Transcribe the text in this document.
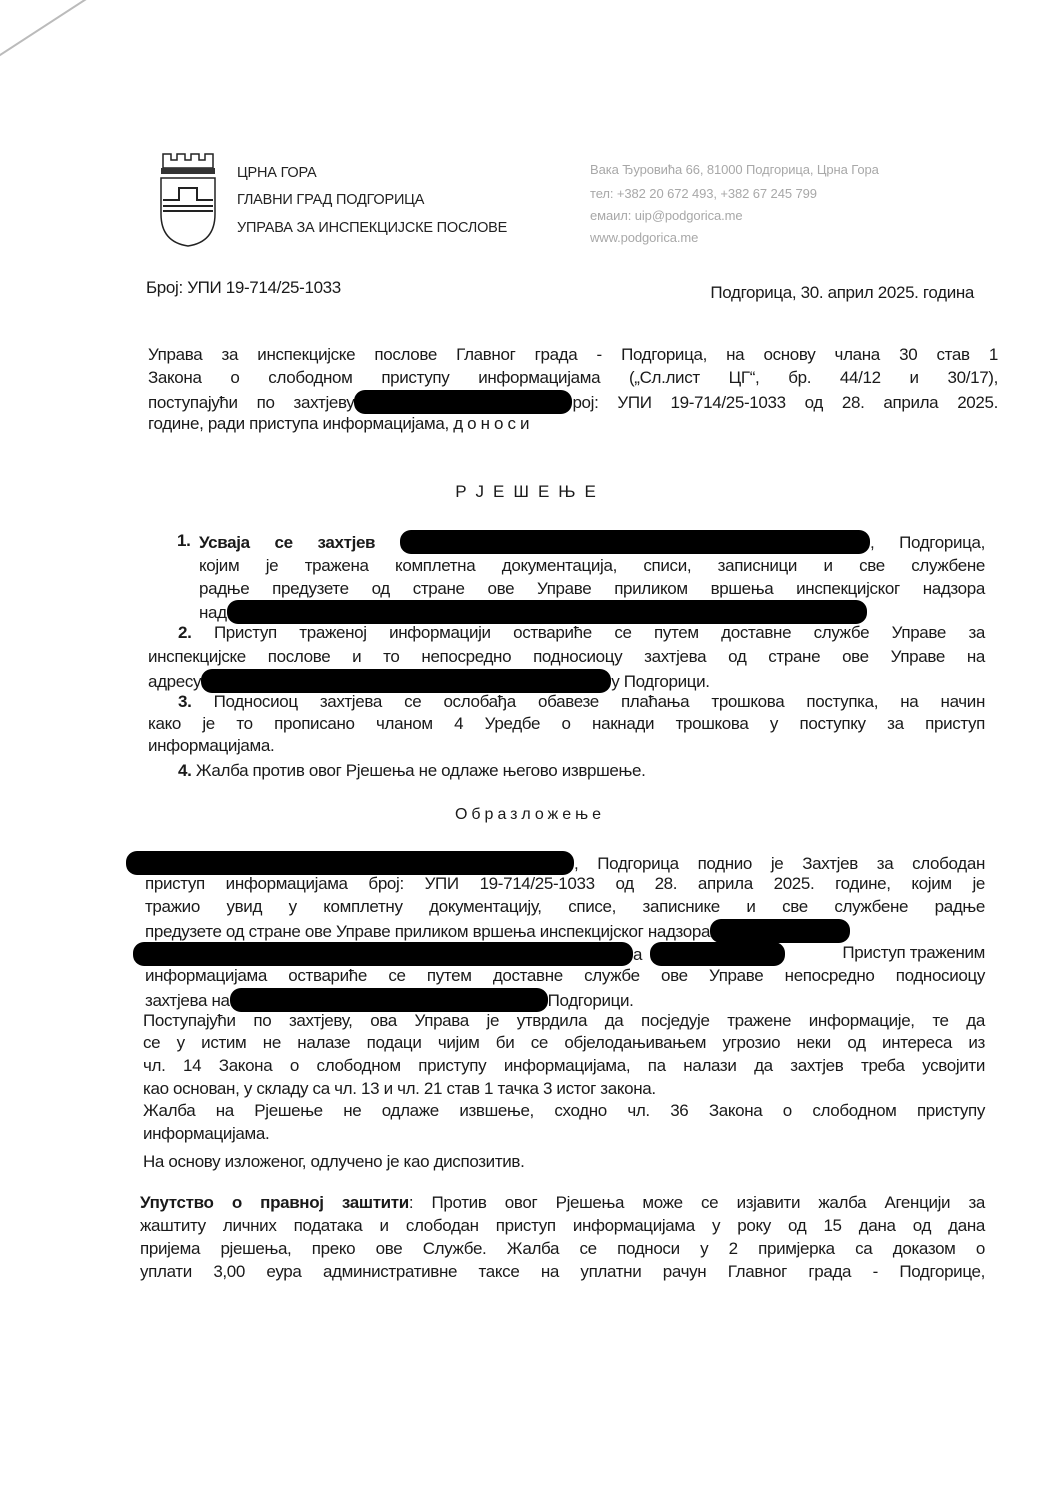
ЦРНА ГОРА
ГЛАВНИ ГРАД ПОДГОРИЦА
УПРАВА ЗА ИНСПЕКЦИЈСКЕ ПОСЛОВЕ
Вака Ђуровића 66, 81000 Подгорица, Црна Гора
тел: +382 20 672 493, +382 67 245 799
емаил: uip@podgorica.me
www.podgorica.me
Број: УПИ 19-714/25-1033	Подгорица, 30. април 2025. година
Управа за инспекцијске послове Главног града - Подгорица, на основу члана 30 став 1
Закона о слободном приступу информацијама („Сл.лист ЦГ“, бр. 44/12 и 30/17),
поступајући по захтјеву	рој: УПИ 19-714/25-1033 од 28. априла 2025.
године, ради приступа информацијама, д о н о с и
РЈЕШЕЊЕ
1. Усваја се захтјев	, Подгорица,
којим је тражена комплетна документација, списи, записници и све службене
радње предузете од стране ове Управе приликом вршења инспекцијског надзора
над
2. Приступ траженој информацији оствариће се путем доставне службе Управе за
инспекцијске послове и то непосредно подносиоцу захтјева од стране ове Управе на
адресу	у Подгорици.
3. Подносиоц захтјева се ослобађа обавезе плаћања трошкова поступка, на начин
како је то прописано чланом 4 Уредбе о накнади трошкова у поступку за приступ
информацијама.
4. Жалба против овог Рјешења не одлаже његово извршење.
Образложење
, Подгорица поднио је Захтјев за слободан
приступ информацијама број: УПИ 19-714/25-1033 од 28. априла 2025. године, којим је
тражио увид у комплетну документацију, списе, записнике и све службене радње
предузете од стране ове Управе приликом вршења инспекцијског надзора
а	Приступ траженим
информацијама оствариће се путем доставне службе ове Управе непосредно подносиоцу
захтјева на	Подгорици.
Поступајући по захтјеву, ова Управа је утврдила да посједује тражене информације, те да
се у истим не налазе подаци чијим би се објелодањивањем угрозио неки од интереса из
чл. 14 Закона о слободном приступу информацијама, па налази да захтјев треба усвојити
као основан, у складу са чл. 13 и чл. 21 став 1 тачка 3 истог закона.
Жалба на Рјешење не одлаже извшење, сходно чл. 36 Закона о слободном приступу
информацијама.
На основу изложеног, одлучено је као диспозитив.
Упутство о правној заштити: Против овог Рјешења може се изјавити жалба Агенцији за
жаштиту личних података и слободан приступ информацијама у року од 15 дана од дана
пријема рјешења, преко ове Службе. Жалба се подноси у 2 примјерка са доказом о
уплати 3,00 еура административне таксе на уплатни рачун Главног града - Подгорице,
